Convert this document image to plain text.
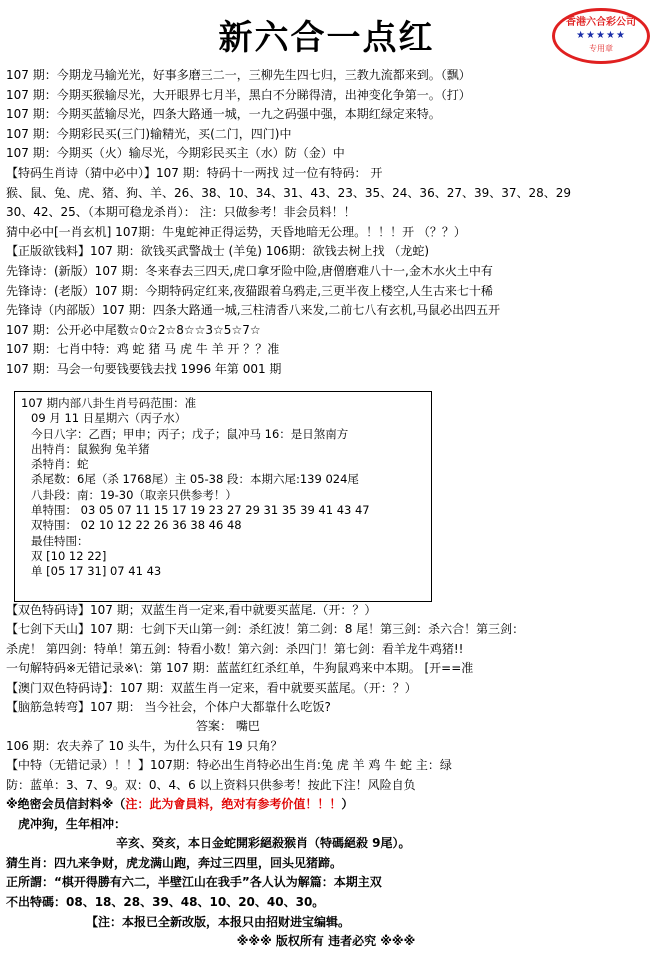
新六合一点红	香港六合彩公司
★★★★★
专用章
107 期：今期龙马输光光，好事多磨三二一，三柳先生四七归，三教九流都来到。（飘）
107 期：今期买猴输尽光，大开眼界七月半，黑白不分睇得清，出神变化争第一。（打）
107 期：今期买蓝输尽光，四条大路通一城，一九之码强中强，本期红绿定来特。
107 期：今期彩民买(三门)输精光，买(二门，四门)中
107 期：今期买（火）输尽光，今期彩民买主（水）防（金）中
【特码生肖诗（猜中必中）】107 期：特码十一两找 过一位有特码： 开
猴、鼠、兔、虎、猪、狗、羊、26、38、10、34、31、43、23、35、24、36、27、39、37、28、29
30、42、25、（本期可稳龙杀肖）： 注：只做参考！非会员料！！
猜中必中[一肖玄机] 107期：牛鬼蛇神正得运势，天昏地暗无公理。！！！开 （？？）
【正版欲钱料】107 期：欲钱买武警战士 (羊兔) 106期：欲钱去树上找 （龙蛇)
先锋诗：(新版）107 期：冬来春去三四天,虎口拿牙险中险,唐僧磨难八十一,金木水火土中有
先锋诗：(老版）107 期：今期特码定红来,夜猫跟着乌鸦走,三更半夜上楼空,人生古来七十稀
先锋诗（内部版）107 期：四条大路通一城,三柱清香八来发,二前七八有玄机,马鼠必出四五开
107 期：公开必中尾数☆0☆2☆8☆☆3☆5☆7☆
107 期：七肖中特：鸡 蛇 猪 马 虎 牛 羊 开 ？？准
107 期：马会一句要钱要钱去找 1996 年第 001 期
107 期内部八卦生肖号码范围：准
09 月 11 日星期六（丙子水）
今日八字：乙酉；甲申；丙子；戊子；鼠冲马 16：是日煞南方
出特肖：鼠猴狗 兔羊猪
杀特肖：蛇
杀尾数：6尾（杀 1768尾）主 05-38 段：本期六尾:139 024尾
八卦段：南：19-30（取亲只供参考！）
单特围： 03 05 07 11 15 17 19 23 27 29 31 35 39 41 43 47
双特围： 02 10 12 22 26 36 38 46 48
最佳特围：
双 [10 12 22]
单 [05 17 31] 07 41 43
【双色特码诗】107 期；双蓝生肖一定来,看中就要买蓝尾.（开：？）
【七剑下天山】107 期：七剑下天山第一剑：杀红波！第二剑：8 尾！第三剑：杀六合！第三剑：
杀虎！ 第四剑：特单！第五剑：特看小数！第六剑：杀四门！第七剑：看羊龙牛鸡猪!!
一句解特码※无错记录※\：第 107 期：蓝蓝红红杀红单，牛狗鼠鸡来中本期。 [开==准
【澳门双色特码诗】：107 期：双蓝生肖一定来，看中就要买蓝尾。（开：？）
【脑筋急转弯】107 期： 当今社会，个体户大都靠什么吃饭?
答案： 嘴巴
106 期：农夫养了 10 头牛，为什么只有 19 只角？
【中特（无错记录）！！】107期：特必出生肖特必出生肖:兔 虎 羊 鸡 牛 蛇 主：绿
防：蓝单：3、7、9。双：0、4、6 以上资料只供参考！按此下注！风险自负
※绝密会员信封料※（注：此为會員料，绝对有参考价值！！！）
虎冲狗，生年相冲：
辛亥、癸亥，本日金蛇開彩絕殺猴肖（特碼絕殺 9尾）。
猜生肖：四九来争财，虎龙满山跑，奔过三四里，回头见猪蹄。
正所謂：“棋开得勝有六二，半壁江山在我手”各人认为解篇：本期主双
不出特碼：08、18、28、39、48、10、20、40、30。
【注：本报已全新改版，本报只由招财进宝编辑。
※※※ 版权所有 违者必究 ※※※
